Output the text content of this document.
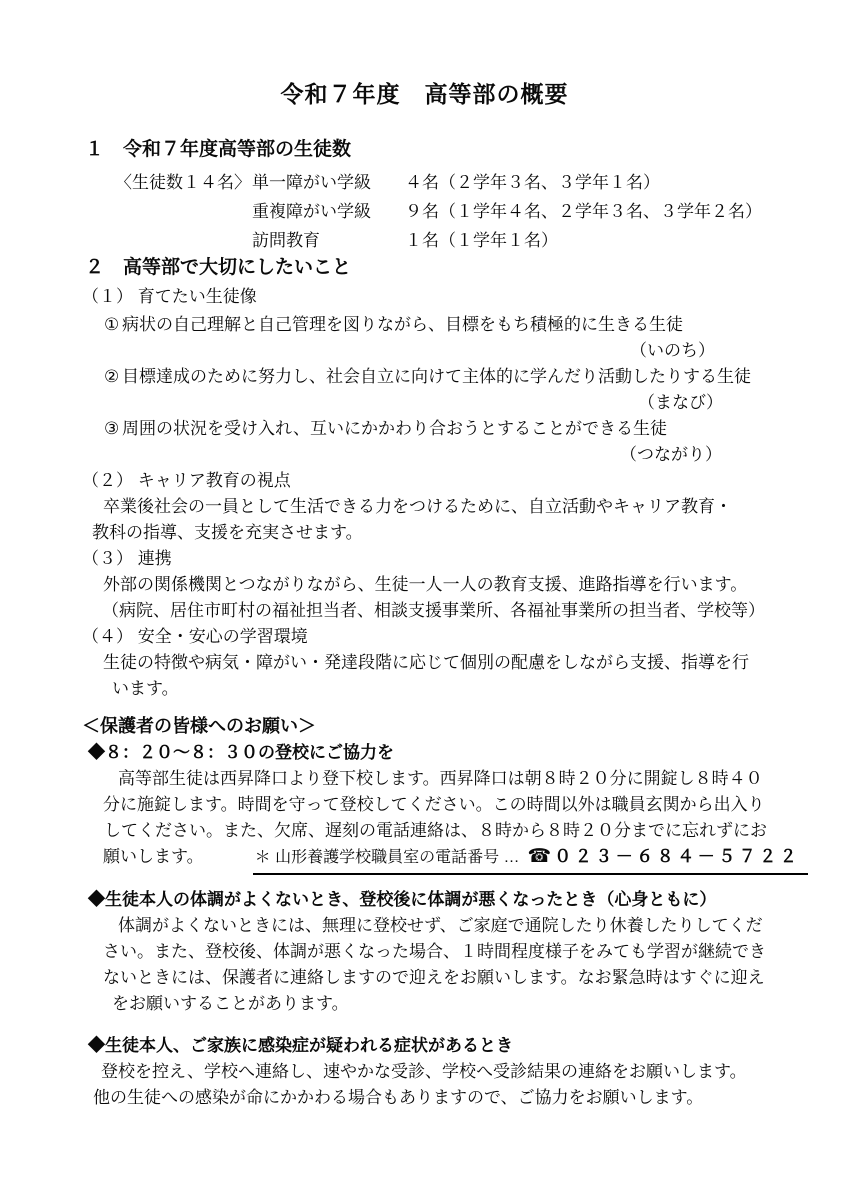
令和７年度　高等部の概要
１　令和７年度高等部の生徒数
〈生徒数１４名〉単一障がい学級 ４名（２学年３名、３学年１名）
重複障がい学級 ９名（１学年４名、２学年３名、３学年２名）
訪問教育	１名（１学年１名）
２　高等部で大切にしたいこと
（１） 育てたい生徒像
① 病状の自己理解と自己管理を図りながら、目標をもち積極的に生きる生徒
（いのち）
② 目標達成のために努力し、社会自立に向けて主体的に学んだり活動したりする生徒
（まなび）
③ 周囲の状況を受け入れ、互いにかかわり合おうとすることができる生徒
（つながり）
（２） キャリア教育の視点
卒業後社会の一員として生活できる力をつけるために、自立活動やキャリア教育・
教科の指導、支援を充実させます。
（３） 連携
外部の関係機関とつながりながら、生徒一人一人の教育支援、進路指導を行います。
（病院、居住市町村の福祉担当者、相談支援事業所、各福祉事業所の担当者、学校等）
（４） 安全・安心の学習環境
生徒の特徴や病気・障がい・発達段階に応じて個別の配慮をしながら支援、指導を行
います。
＜保護者の皆様へのお願い＞
◆８：２０～８：３０の登校にご協力を
高等部生徒は西昇降口より登下校します。西昇降口は朝８時２０分に開錠し８時４０
分に施錠します。時間を守って登校してください。この時間以外は職員玄関から出入り
してください。また、欠席、遅刻の電話連絡は、８時から８時２０分までに忘れずにお
願いします。	＊ 山形養護学校職員室の電話番号 … ☎ ０２３－６８４－５７２２
◆生徒本人の体調がよくないとき、登校後に体調が悪くなったとき（心身ともに）
体調がよくないときには、無理に登校せず、ご家庭で通院したり休養したりしてくだ
さい。また、登校後、体調が悪くなった場合、１時間程度様子をみても学習が継続でき
ないときには、保護者に連絡しますので迎えをお願いします。なお緊急時はすぐに迎え
をお願いすることがあります。
◆生徒本人、ご家族に感染症が疑われる症状があるとき
登校を控え、学校へ連絡し、速やかな受診、学校へ受診結果の連絡をお願いします。
他の生徒への感染が命にかかわる場合もありますので、ご協力をお願いします。
